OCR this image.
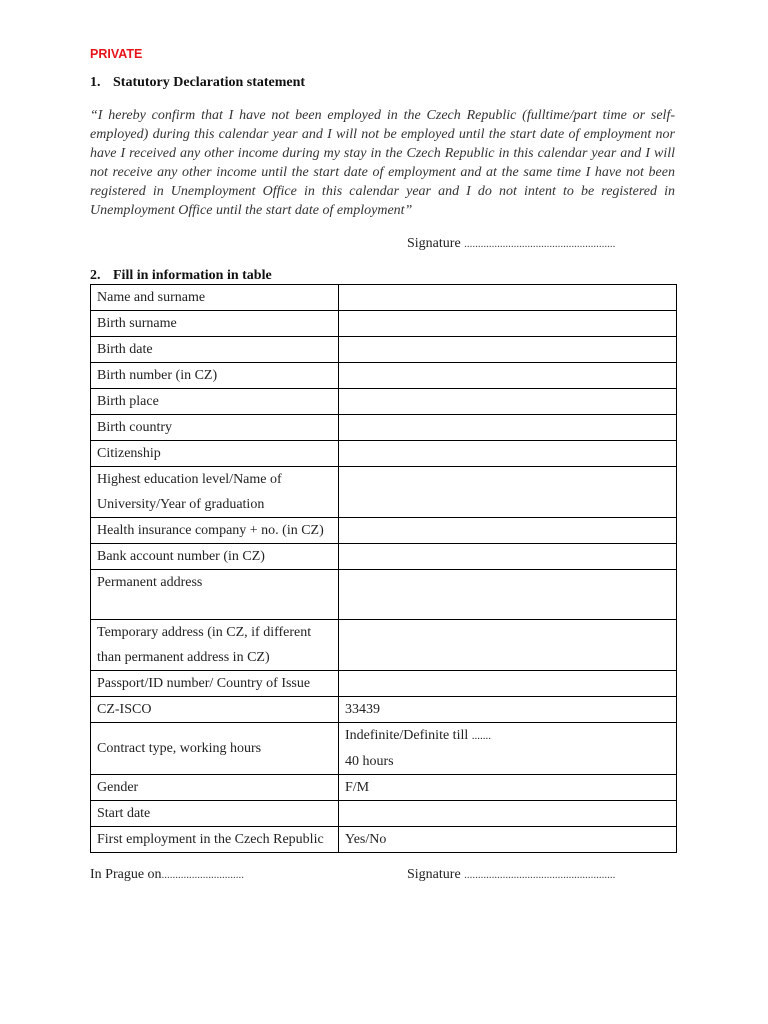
PRIVATE
1. Statutory Declaration statement
“I hereby confirm that I have not been employed in the Czech Republic (fulltime/part time or self-employed) during this calendar year and I will not be employed until the start date of employment nor have I received any other income during my stay in the Czech Republic in this calendar year and I will not receive any other income until the start date of employment and at the same time I have not been registered in Unemployment Office in this calendar year and I do not intent to be registered in Unemployment Office until the start date of employment”
Signature .......................................................
2. Fill in information in table
Name and surname	
Birth surname	
Birth date	
Birth number (in CZ)	
Birth place	
Birth country	
Citizenship	

Highest education level/Name of
University/Year of graduation	

Health insurance company + no. (in CZ)	
Bank account number (in CZ)	
Permanent address	

Temporary address (in CZ, if different
than permanent address in CZ)	

Passport/ID number/ Country of Issue	
CZ-ISCO	33439
Contract type, working hours	Indefinite/Definite till .......
40 hours

Gender	F/M
Start date	
First employment in the Czech Republic	Yes/No
In Prague on..............................	Signature .......................................................
